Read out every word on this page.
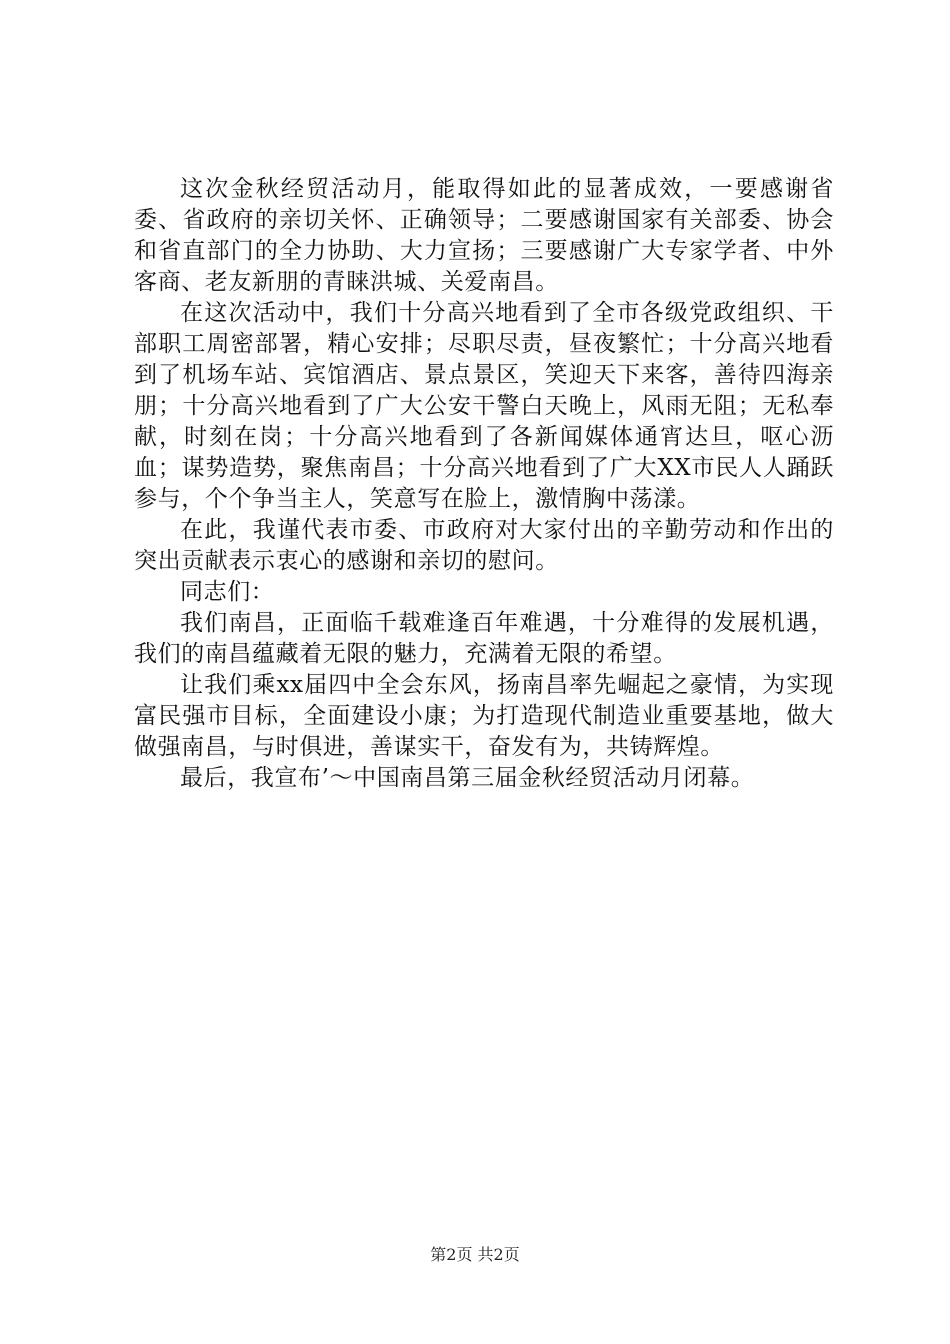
这次金秋经贸活动月，能取得如此的显著成效，一要感谢省委、省政府的亲切关怀、正确领导；二要感谢国家有关部委、协会和省直部门的全力协助、大力宣扬；三要感谢广大专家学者、中外客商、老友新朋的青睐洪城、关爱南昌。

在这次活动中，我们十分高兴地看到了全市各级党政组织、干部职工周密部署，精心安排；尽职尽责，昼夜繁忙；十分高兴地看到了机场车站、宾馆酒店、景点景区，笑迎天下来客，善待四海亲朋；十分高兴地看到了广大公安干警白天晚上，风雨无阻；无私奉献，时刻在岗；十分高兴地看到了各新闻媒体通宵达旦，呕心沥血；谋势造势，聚焦南昌；十分高兴地看到了广大XX市民人人踊跃参与，个个争当主人，笑意写在脸上，激情胸中荡漾。

在此，我谨代表市委、市政府对大家付出的辛勤劳动和作出的突出贡献表示衷心的感谢和亲切的慰问。

同志们：

我们南昌，正面临千载难逢百年难遇，十分难得的发展机遇，我们的南昌蕴藏着无限的魅力，充满着无限的希望。

让我们乘xx届四中全会东风，扬南昌率先崛起之豪情，为实现富民强市目标，全面建设小康；为打造现代制造业重要基地，做大做强南昌，与时俱进，善谋实干，奋发有为，共铸辉煌。

最后，我宣布’～中国南昌第三届金秋经贸活动月闭幕。

第2页 共2页
